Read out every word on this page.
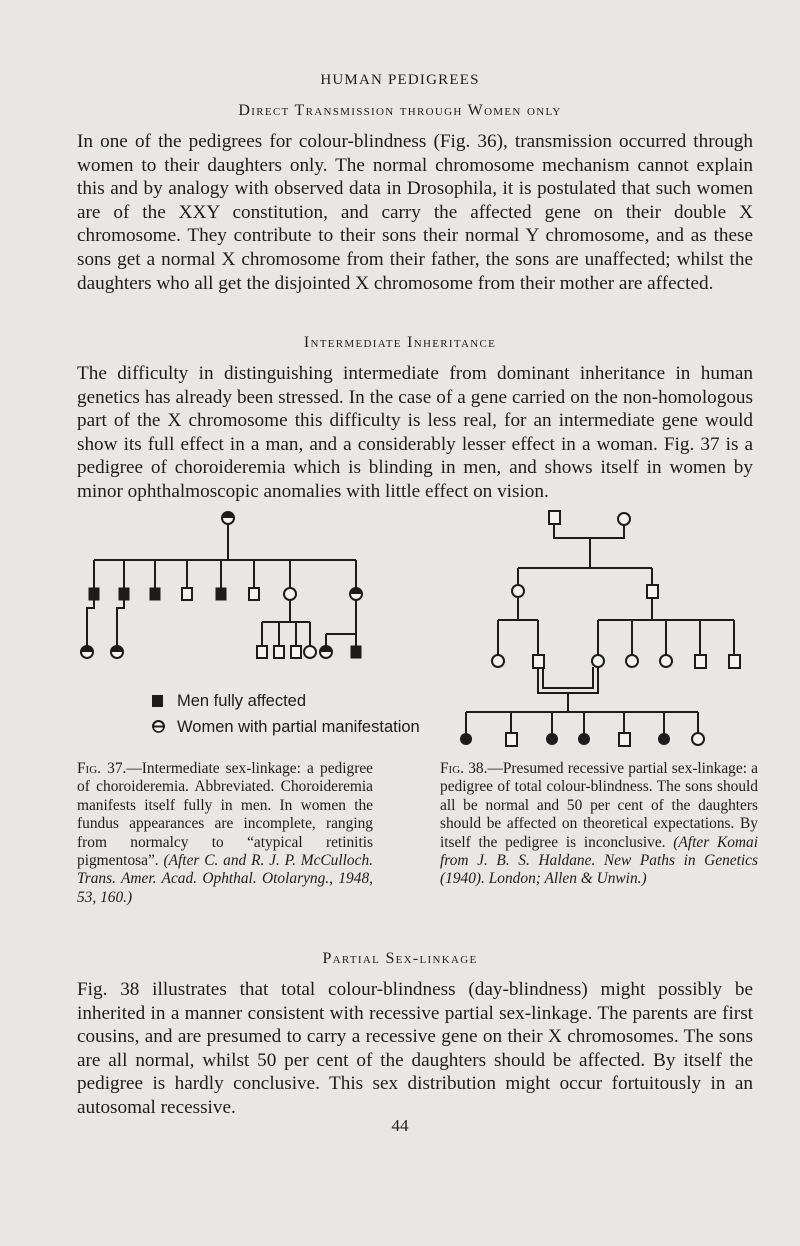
HUMAN PEDIGREES
Direct Transmission through Women only
In one of the pedigrees for colour-blindness (Fig. 36), transmission occurred through women to their daughters only. The normal chromosome mechanism cannot explain this and by analogy with observed data in Drosophila, it is postulated that such women are of the XXY constitution, and carry the affected gene on their double X chromosome. They contribute to their sons their normal Y chromosome, and as these sons get a normal X chromosome from their father, the sons are unaffected; whilst the daughters who all get the disjointed X chromosome from their mother are affected.
Intermediate Inheritance
The difficulty in distinguishing intermediate from dominant inheritance in human genetics has already been stressed. In the case of a gene carried on the non-homologous part of the X chromosome this difficulty is less real, for an intermediate gene would show its full effect in a man, and a considerably lesser effect in a woman. Fig. 37 is a pedigree of choroideremia which is blinding in men, and shows itself in women by minor ophthalmoscopic anomalies with little effect on vision.
Men fully affected
Women with partial manifestation
Fig. 37.—Intermediate sex-linkage: a pedigree of choroideremia. Abbreviated. Choroideremia manifests itself fully in men. In women the fundus appearances are incomplete, ranging from normalcy to “atypical retinitis pigmentosa”. (After C. and R. J. P. McCulloch. Trans. Amer. Acad. Ophthal. Otolaryng., 1948, 53, 160.)
Fig. 38.—Presumed recessive partial sex-linkage: a pedigree of total colour-blindness. The sons should all be normal and 50 per cent of the daughters should be affected on theoretical expectations. By itself the pedigree is inconclusive. (After Komai from J. B. S. Haldane. New Paths in Genetics (1940). London; Allen & Unwin.)
Partial Sex-linkage
Fig. 38 illustrates that total colour-blindness (day-blindness) might possibly be inherited in a manner consistent with recessive partial sex-linkage. The parents are first cousins, and are presumed to carry a recessive gene on their X chromosomes. The sons are all normal, whilst 50 per cent of the daughters should be affected. By itself the pedigree is hardly conclusive. This sex distribution might occur fortuitously in an autosomal recessive.
44
